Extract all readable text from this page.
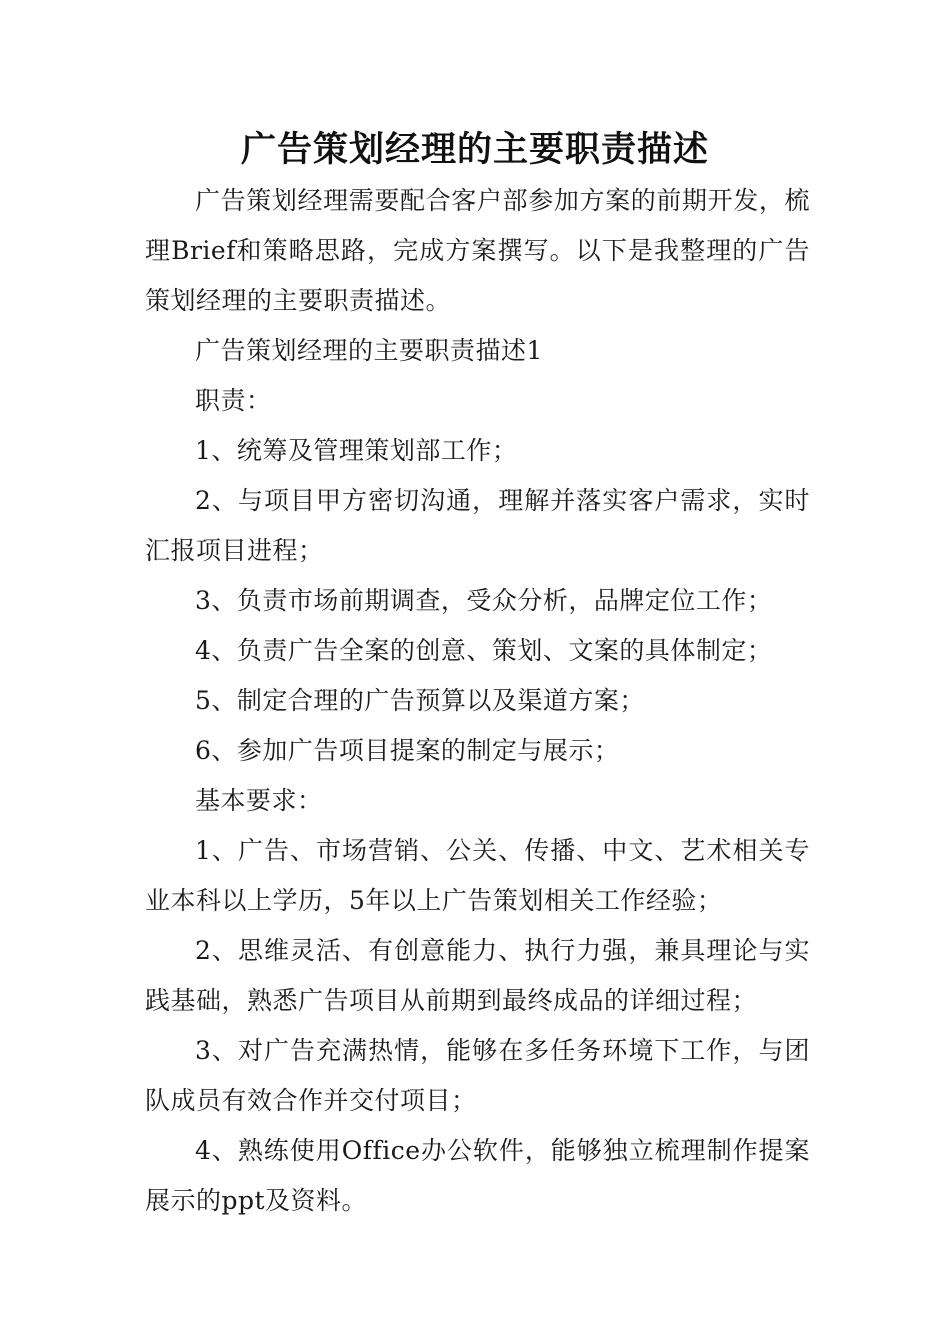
广告策划经理的主要职责描述

广告策划经理需要配合客户部参加方案的前期开发，梳理Brief和策略思路，完成方案撰写。以下是我整理的广告策划经理的主要职责描述。

广告策划经理的主要职责描述1

职责：

1、统筹及管理策划部工作；

2、与项目甲方密切沟通，理解并落实客户需求，实时汇报项目进程；

3、负责市场前期调查，受众分析，品牌定位工作；

4、负责广告全案的创意、策划、文案的具体制定；

5、制定合理的广告预算以及渠道方案；

6、参加广告项目提案的制定与展示；

基本要求：

1、广告、市场营销、公关、传播、中文、艺术相关专业本科以上学历，5年以上广告策划相关工作经验；

2、思维灵活、有创意能力、执行力强，兼具理论与实践基础，熟悉广告项目从前期到最终成品的详细过程；

3、对广告充满热情，能够在多任务环境下工作，与团队成员有效合作并交付项目；

4、熟练使用Office办公软件，能够独立梳理制作提案展示的ppt及资料。
